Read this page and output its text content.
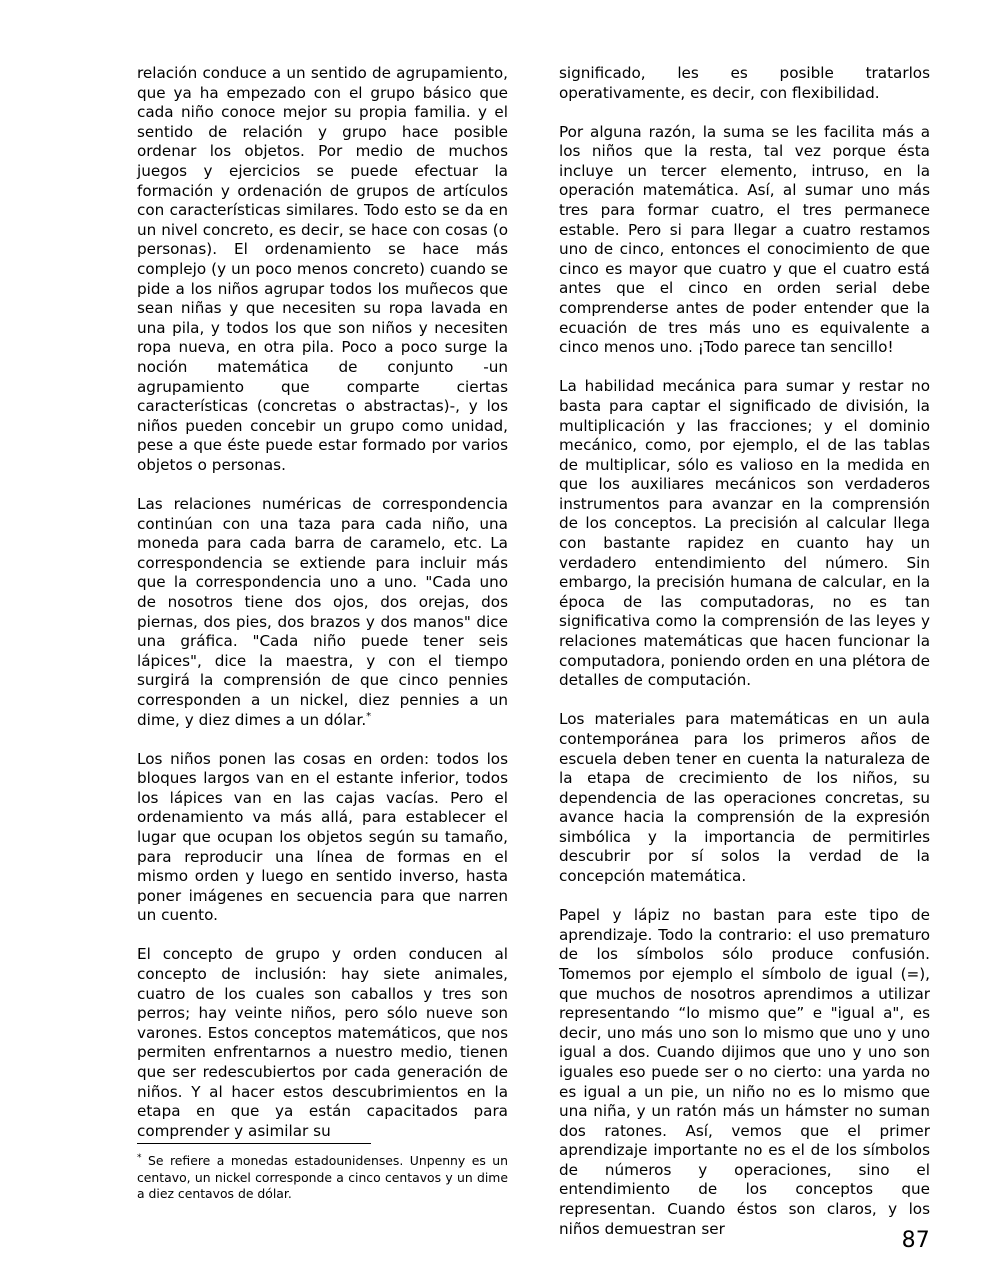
relación conduce a un sentido de agrupamiento, que ya ha empezado con el grupo básico que cada niño conoce mejor su propia familia. y el sentido de relación y grupo hace posible ordenar los objetos. Por medio de muchos juegos y ejercicios se puede efectuar la formación y ordenación de grupos de artículos con características similares. Todo esto se da en un nivel concreto, es decir, se hace con cosas (o personas). El ordenamiento se hace más complejo (y un poco menos concreto) cuando se pide a los niños agrupar todos los muñecos que sean niñas y que necesiten su ropa lavada en una pila, y todos los que son niños y necesiten ropa nueva, en otra pila. Poco a poco surge la noción matemática de conjunto -un agrupamiento que comparte ciertas características (concretas o abstractas)-, y los niños pueden concebir un grupo como unidad, pese a que éste puede estar formado por varios objetos o personas.

Las relaciones numéricas de correspondencia continúan con una taza para cada niño, una moneda para cada barra de caramelo, etc. La correspondencia se extiende para incluir más que la correspondencia uno a uno. "Cada uno de nosotros tiene dos ojos, dos orejas, dos piernas, dos pies, dos brazos y dos manos" dice una gráfica. "Cada niño puede tener seis lápices", dice la maestra, y con el tiempo surgirá la comprensión de que cinco pennies corresponden a un nickel, diez pennies a un dime, y diez dimes a un dólar.*

Los niños ponen las cosas en orden: todos los bloques largos van en el estante inferior, todos los lápices van en las cajas vacías. Pero el ordenamiento va más allá, para establecer el lugar que ocupan los objetos según su tamaño, para reproducir una línea de formas en el mismo orden y luego en sentido inverso, hasta poner imágenes en secuencia para que narren un cuento.

El concepto de grupo y orden conducen al concepto de inclusión: hay siete animales, cuatro de los cuales son caballos y tres son perros; hay veinte niños, pero sólo nueve son varones. Estos conceptos matemáticos, que nos permiten enfrentarnos a nuestro medio, tienen que ser redescubiertos por cada generación de niños. Y al hacer estos descubrimientos en la etapa en que ya están capacitados para comprender y asimilar su

* Se refiere a monedas estadounidenses. Unpenny es un centavo, un nickel corresponde a cinco centavos y un dime a diez centavos de dólar.

significado, les es posible tratarlos operativamente, es decir, con flexibilidad.

Por alguna razón, la suma se les facilita más a los niños que la resta, tal vez porque ésta incluye un tercer elemento, intruso, en la operación matemática. Así, al sumar uno más tres para formar cuatro, el tres permanece estable. Pero si para llegar a cuatro restamos uno de cinco, entonces el conocimiento de que cinco es mayor que cuatro y que el cuatro está antes que el cinco en orden serial debe comprenderse antes de poder entender que la ecuación de tres más uno es equivalente a cinco menos uno. ¡Todo parece tan sencillo!

La habilidad mecánica para sumar y restar no basta para captar el significado de división, la multiplicación y las fracciones; y el dominio mecánico, como, por ejemplo, el de las tablas de multiplicar, sólo es valioso en la medida en que los auxiliares mecánicos son verdaderos instrumentos para avanzar en la comprensión de los conceptos. La precisión al calcular llega con bastante rapidez en cuanto hay un verdadero entendimiento del número. Sin embargo, la precisión humana de calcular, en la época de las computadoras, no es tan significativa como la comprensión de las leyes y relaciones matemáticas que hacen funcionar la computadora, poniendo orden en una plétora de detalles de computación.

Los materiales para matemáticas en un aula contemporánea para los primeros años de escuela deben tener en cuenta la naturaleza de la etapa de crecimiento de los niños, su dependencia de las operaciones concretas, su avance hacia la comprensión de la expresión simbólica y la importancia de permitirles descubrir por sí solos la verdad de la concepción matemática.

Papel y lápiz no bastan para este tipo de aprendizaje. Todo la contrario: el uso prematuro de los símbolos sólo produce confusión. Tomemos por ejemplo el símbolo de igual (=), que muchos de nosotros aprendimos a utilizar representando “lo mismo que” e "igual a", es decir, uno más uno son lo mismo que uno y uno igual a dos. Cuando dijimos que uno y uno son iguales eso puede ser o no cierto: una yarda no es igual a un pie, un niño no es lo mismo que una niña, y un ratón más un hámster no suman dos ratones. Así, vemos que el primer aprendizaje importante no es el de los símbolos de números y operaciones, sino el entendimiento de los conceptos que representan. Cuando éstos son claros, y los niños demuestran ser	87
